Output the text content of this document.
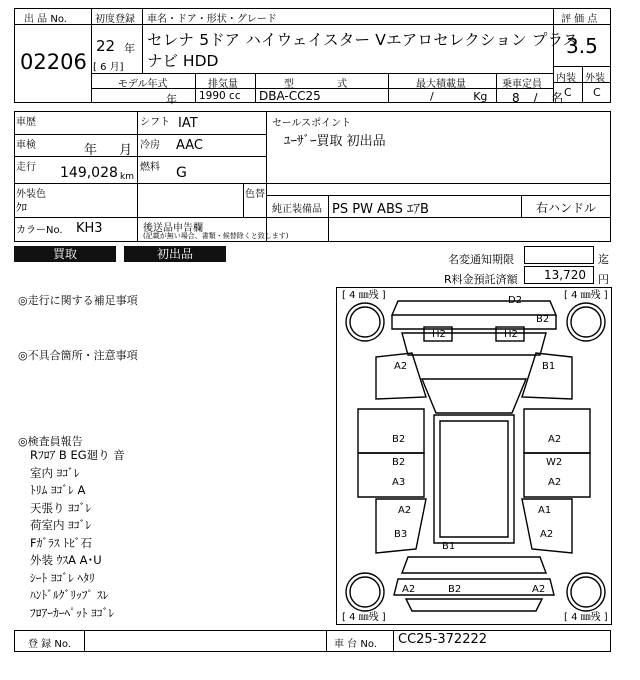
出 品 No.
02206
初度登録
22 年
[ 6 月]
車名・ドア・形状・グレード
セレナ 5ドア ハイウェイスター Vエアロセレクション プラス
ナビ HDD
評 価 点
3.5
内装 外装
C C
モデル年式
年
排気量
1990 cc
型 式
DBA-CC25
最大積載量
/ Kg
乗車定員
8 / 名
車歴
車検	年 月
走行 149,028 km
シフト IAT
冷房 AAC
燃料 G
セールスポイント
ﾕｰｻﾞｰ買取 初出品
外装色
ｸﾛ
色替
純正装備品 PS PW ABS ｴｱB	右ハンドル
カラーNo. KH3	後送品申告欄
(記載が無い場合、書類・候替除くと致します)
買取	初出品	名変通知期限	迄
R料金預託済額 13,720 円
◎走行に関する補足事項
◎不具合箇所・注意事項
◎検査員報告
Rﾌﾛｱ B EG廻り 音
室内 ﾖｺﾞﾚ
ﾄﾘﾑ ﾖｺﾞﾚ A
天張り ﾖｺﾞﾚ
荷室内 ﾖｺﾞﾚ
Fｶﾞﾗｽ ﾄﾋﾞ石
外装 ｳｽA A･U
ｼｰﾄ ﾖｺﾞﾚ ﾍﾀﾘ
ﾊﾝﾄﾞﾙｸﾞﾘｯﾌﾟ ｽﾚ
ﾌﾛｱｰｶｰﾍﾟｯﾄ ﾖｺﾞﾚ
[ 4 ㎜残 ]	[ 4 ㎜残 ]
[ 4 ㎜残 ]	[ 4 ㎜残 ]
D2
B2
H2	H2
A2	B1
B2	A2
B2	W2
A3	A2
A2	A1
B3	A2
B1
A2	B2	A2
登 録 No.	車 台 No. CC25-372222
